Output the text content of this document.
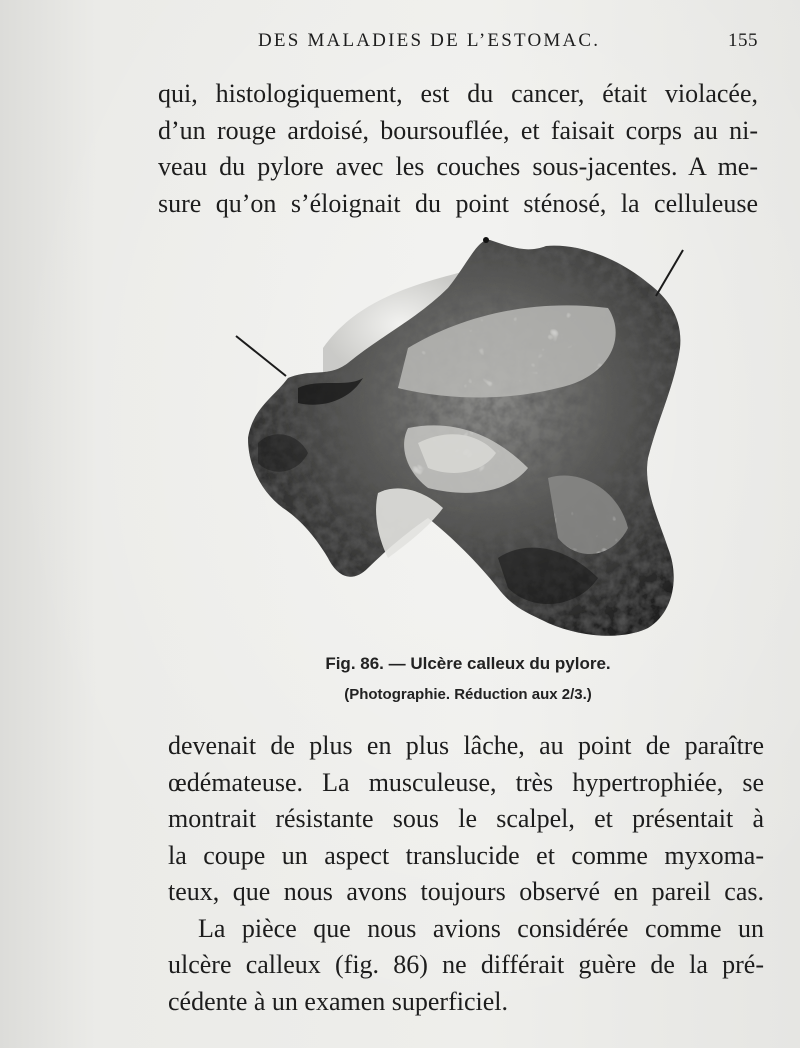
DES MALADIES DE L’ESTOMAC.	155
qui, histologiquement, est du cancer, était violacée,
d’un rouge ardoisé, boursouflée, et faisait corps au ni-
veau du pylore avec les couches sous-jacentes. A me-
sure qu’on s’éloignait du point sténosé, la celluleuse
Fig. 86. — Ulcère calleux du pylore.
(Photographie. Réduction aux 2/3.)
devenait de plus en plus lâche, au point de paraître
œdémateuse. La musculeuse, très hypertrophiée, se
montrait résistante sous le scalpel, et présentait à
la coupe un aspect translucide et comme myxoma-
teux, que nous avons toujours observé en pareil cas.
La pièce que nous avions considérée comme un
ulcère calleux (fig. 86) ne différait guère de la pré-
cédente à un examen superficiel.
